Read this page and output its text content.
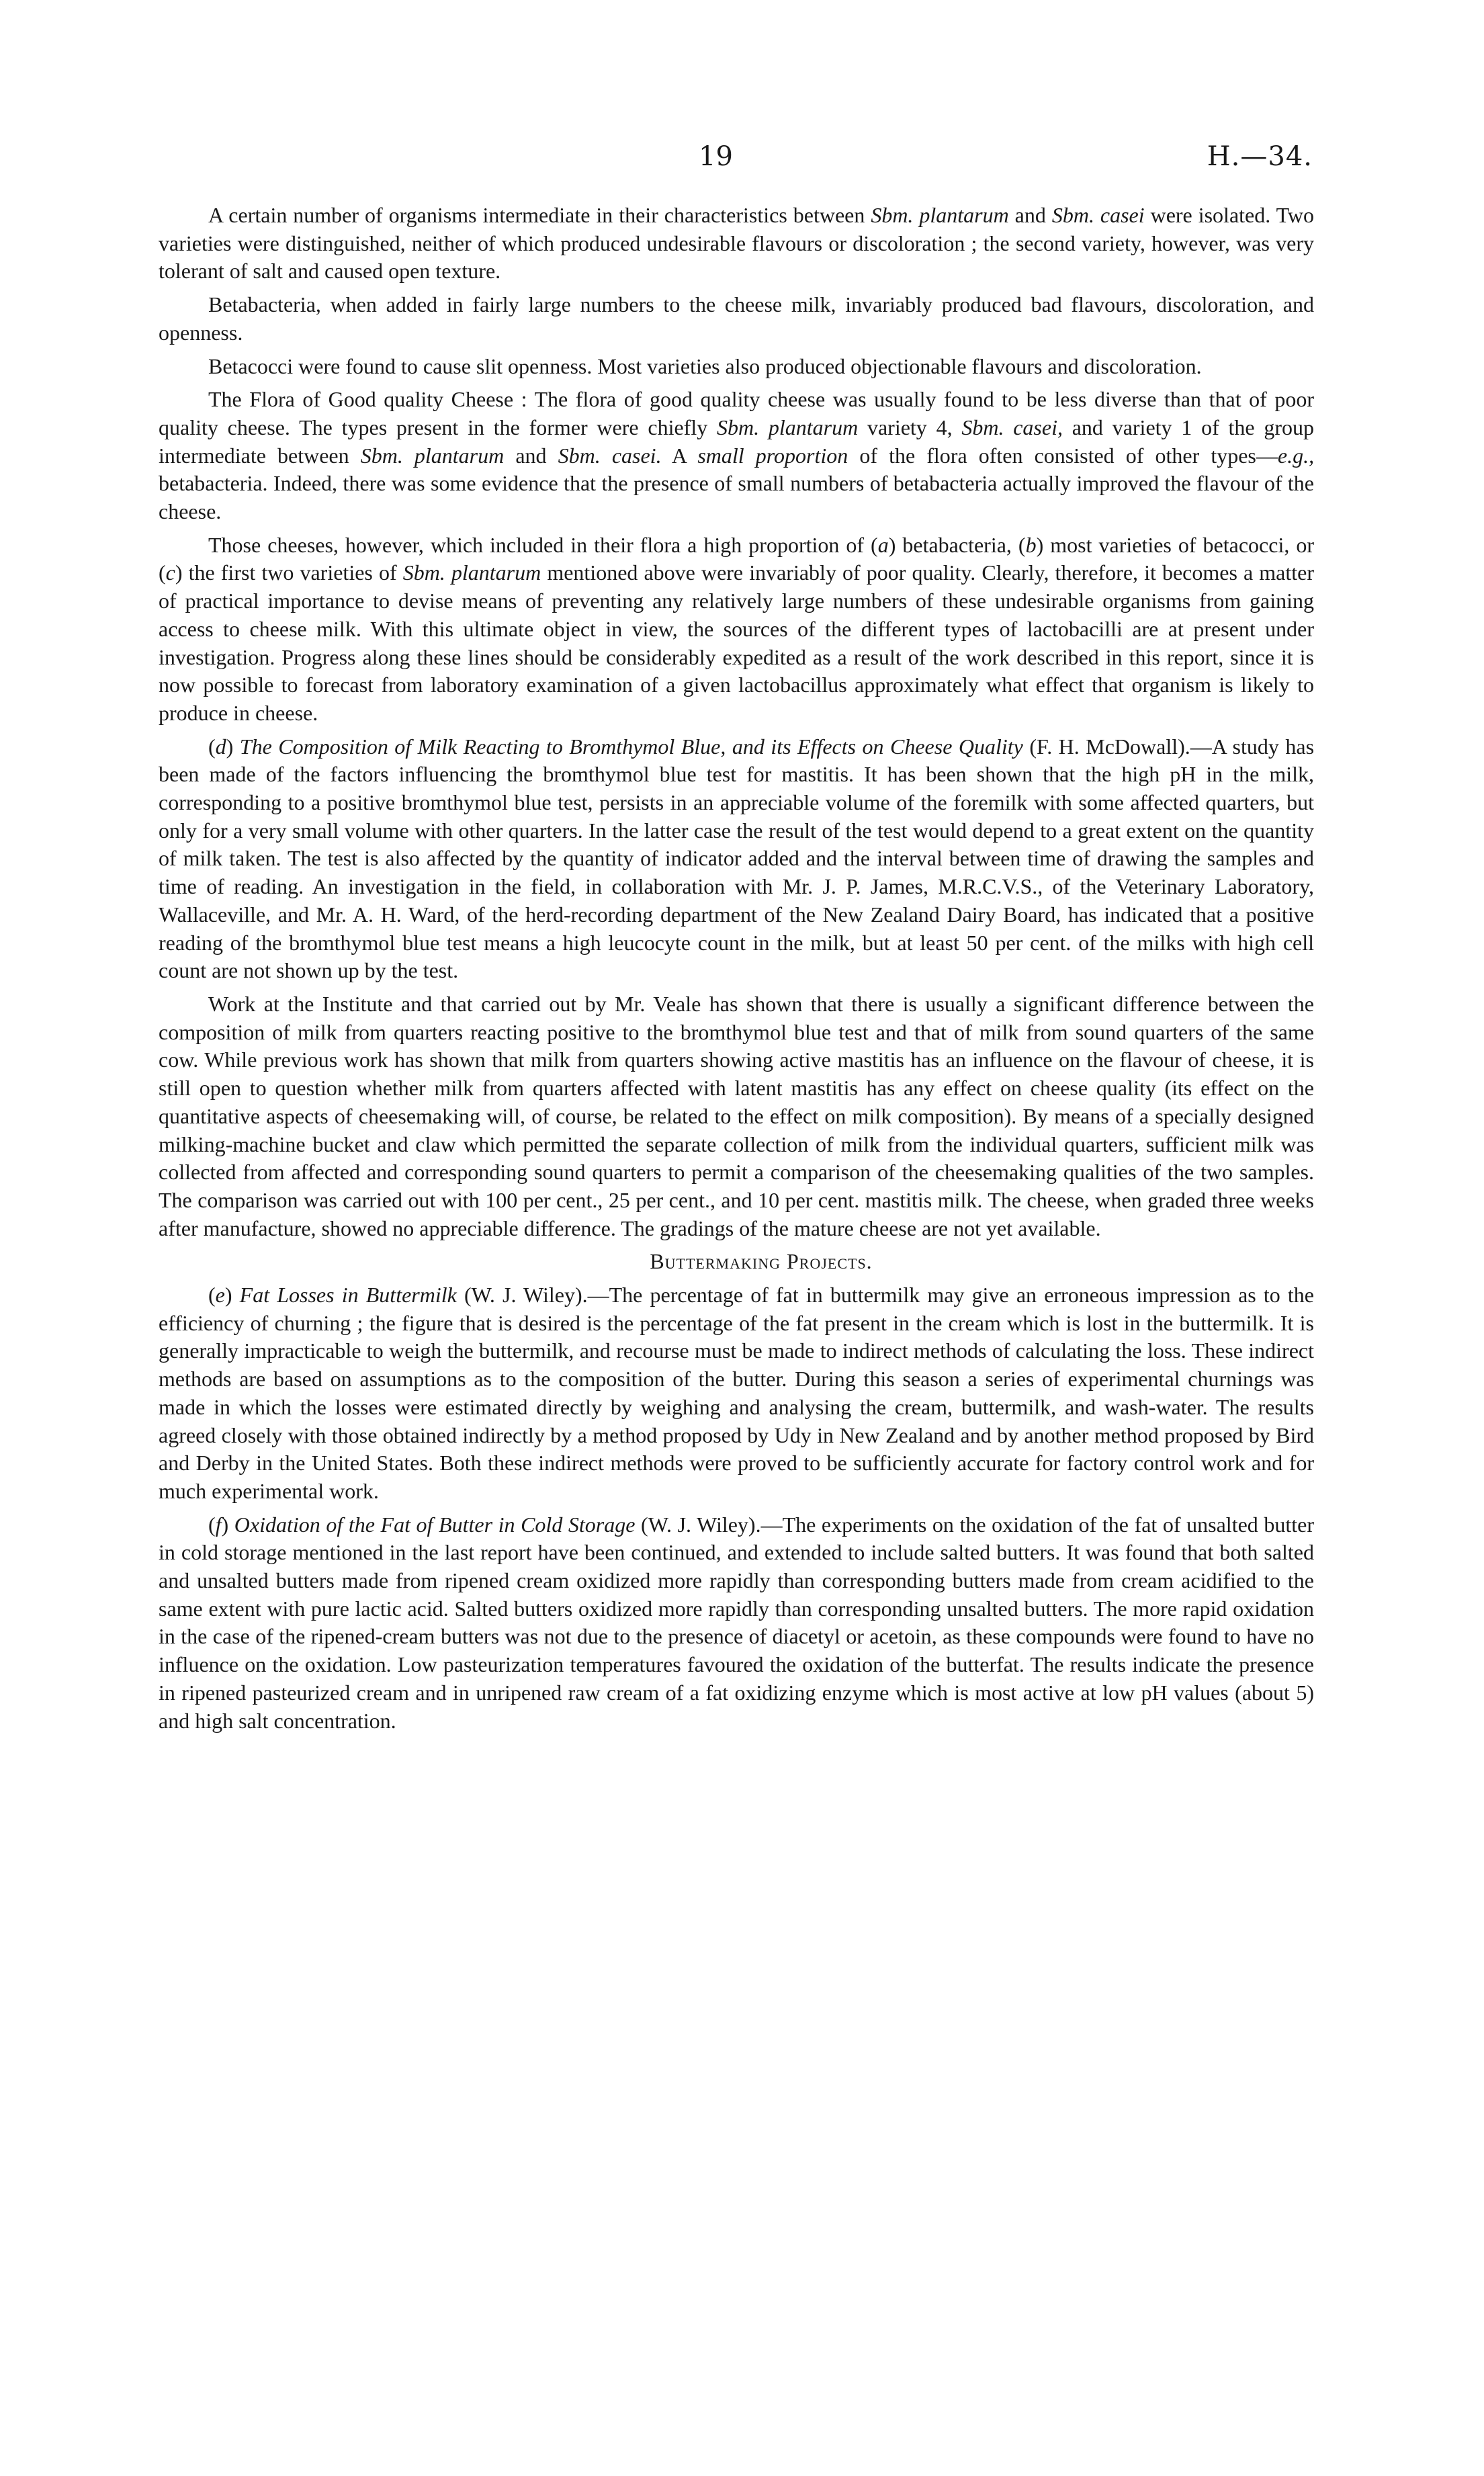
19	H.—34.

A certain number of organisms intermediate in their characteristics between Sbm. plantarum and Sbm. casei were isolated. Two varieties were distinguished, neither of which produced undesirable flavours or discoloration ; the second variety, however, was very tolerant of salt and caused open texture.

Betabacteria, when added in fairly large numbers to the cheese milk, invariably produced bad flavours, discoloration, and openness.

Betacocci were found to cause slit openness. Most varieties also produced objectionable flavours and discoloration.

The Flora of Good quality Cheese : The flora of good quality cheese was usually found to be less diverse than that of poor quality cheese. The types present in the former were chiefly Sbm. plantarum variety 4, Sbm. casei, and variety 1 of the group intermediate between Sbm. plantarum and Sbm. casei. A small proportion of the flora often consisted of other types—e.g., betabacteria. Indeed, there was some evidence that the presence of small numbers of betabacteria actually improved the flavour of the cheese.

Those cheeses, however, which included in their flora a high proportion of (a) betabacteria, (b) most varieties of betacocci, or (c) the first two varieties of Sbm. plantarum mentioned above were invariably of poor quality. Clearly, therefore, it becomes a matter of practical importance to devise means of preventing any relatively large numbers of these undesirable organisms from gaining access to cheese milk. With this ultimate object in view, the sources of the different types of lactobacilli are at present under investigation. Progress along these lines should be considerably expedited as a result of the work described in this report, since it is now possible to forecast from laboratory examination of a given lactobacillus approximately what effect that organism is likely to produce in cheese.

(d) The Composition of Milk Reacting to Bromthymol Blue, and its Effects on Cheese Quality (F. H. McDowall).—A study has been made of the factors influencing the bromthymol blue test for mastitis. It has been shown that the high pH in the milk, corresponding to a positive bromthymol blue test, persists in an appreciable volume of the foremilk with some affected quarters, but only for a very small volume with other quarters. In the latter case the result of the test would depend to a great extent on the quantity of milk taken. The test is also affected by the quantity of indicator added and the interval between time of drawing the samples and time of reading. An investigation in the field, in collaboration with Mr. J. P. James, M.R.C.V.S., of the Veterinary Laboratory, Wallaceville, and Mr. A. H. Ward, of the herd-recording department of the New Zealand Dairy Board, has indicated that a positive reading of the bromthymol blue test means a high leucocyte count in the milk, but at least 50 per cent. of the milks with high cell count are not shown up by the test.

Work at the Institute and that carried out by Mr. Veale has shown that there is usually a significant difference between the composition of milk from quarters reacting positive to the bromthymol blue test and that of milk from sound quarters of the same cow. While previous work has shown that milk from quarters showing active mastitis has an influence on the flavour of cheese, it is still open to question whether milk from quarters affected with latent mastitis has any effect on cheese quality (its effect on the quantitative aspects of cheesemaking will, of course, be related to the effect on milk composition). By means of a specially designed milking-machine bucket and claw which permitted the separate collection of milk from the individual quarters, sufficient milk was collected from affected and corresponding sound quarters to permit a comparison of the cheesemaking qualities of the two samples. The comparison was carried out with 100 per cent., 25 per cent., and 10 per cent. mastitis milk. The cheese, when graded three weeks after manufacture, showed no appreciable difference. The gradings of the mature cheese are not yet available.

Buttermaking Projects.

(e) Fat Losses in Buttermilk (W. J. Wiley).—The percentage of fat in buttermilk may give an erroneous impression as to the efficiency of churning ; the figure that is desired is the percentage of the fat present in the cream which is lost in the buttermilk. It is generally impracticable to weigh the buttermilk, and recourse must be made to indirect methods of calculating the loss. These indirect methods are based on assumptions as to the composition of the butter. During this season a series of experimental churnings was made in which the losses were estimated directly by weighing and analysing the cream, buttermilk, and wash-water. The results agreed closely with those obtained indirectly by a method proposed by Udy in New Zealand and by another method proposed by Bird and Derby in the United States. Both these indirect methods were proved to be sufficiently accurate for factory control work and for much experimental work.

(f) Oxidation of the Fat of Butter in Cold Storage (W. J. Wiley).—The experiments on the oxidation of the fat of unsalted butter in cold storage mentioned in the last report have been continued, and extended to include salted butters. It was found that both salted and unsalted butters made from ripened cream oxidized more rapidly than corresponding butters made from cream acidified to the same extent with pure lactic acid. Salted butters oxidized more rapidly than corresponding unsalted butters. The more rapid oxidation in the case of the ripened-cream butters was not due to the presence of diacetyl or acetoin, as these compounds were found to have no influence on the oxidation. Low pasteurization temperatures favoured the oxidation of the butterfat. The results indicate the presence in ripened pasteurized cream and in unripened raw cream of a fat oxidizing enzyme which is most active at low pH values (about 5) and high salt concentration.
